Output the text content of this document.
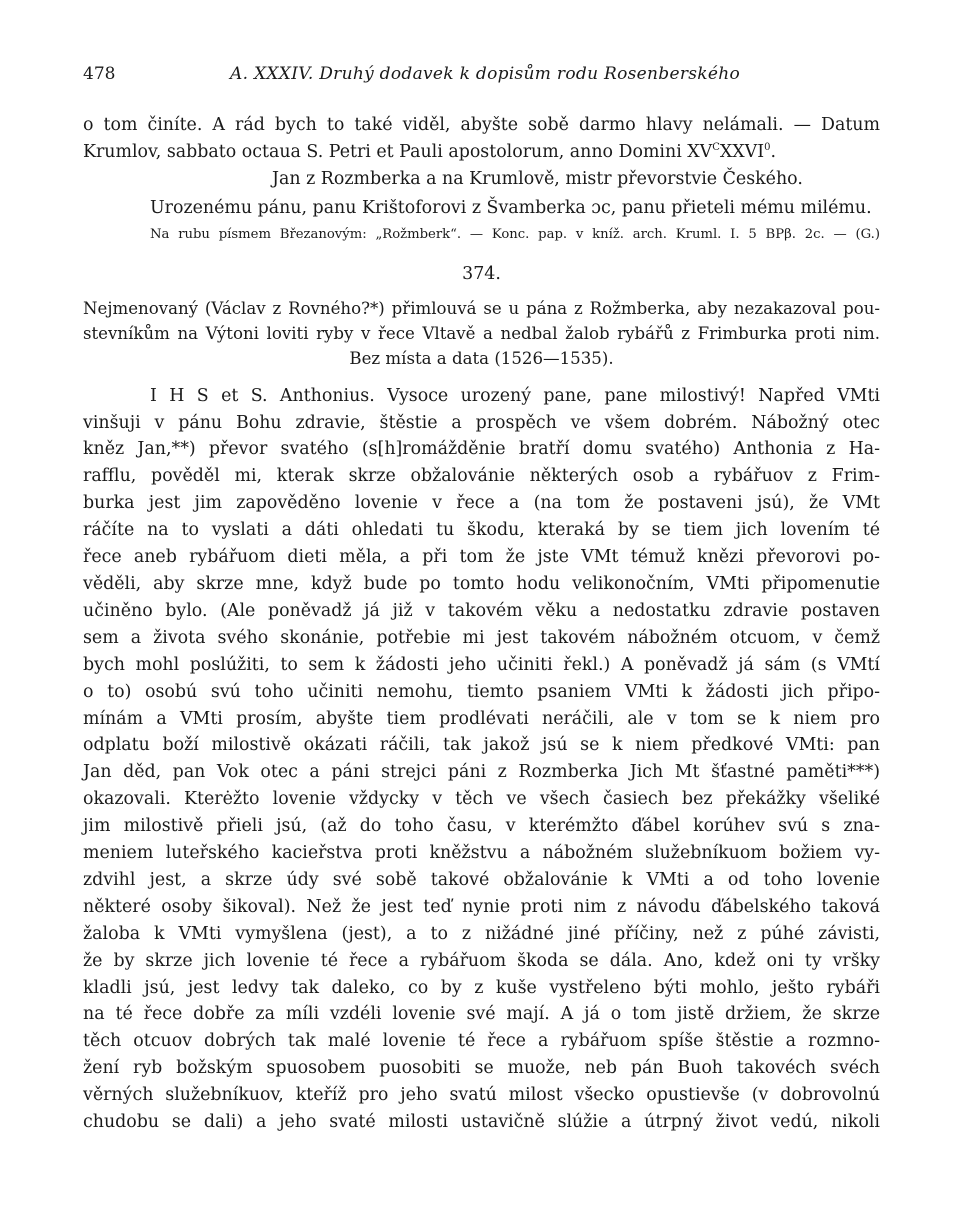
478	A. XXXIV. Druhý dodavek k dopisům rodu Rosenberského

o tom činíte. A rád bych to také viděl, abyšte sobě darmo hlavy nelámali. — Datum
Krumlov, sabbato octaua S. Petri et Pauli apostolorum, anno Domini $XV^CXXVI^0$.

Jan z Rozmberka a na Krumlově, mistr převorstvie Českého.

Urozenému pánu, panu Krištoforovi z Švamberka ɔc, panu přieteli mému milému.

Na rubu písmem Březanovým: „Rožmberk“. — Konc. pap. v kníž. arch. Kruml. I. 5 BPβ. 2c. — (G.)

374.
Nejmenovaný (Václav z Rovného?*) přimlouvá se u pána z Rožmberka, aby nezakazoval pou-
stevníkům na Výtoni loviti ryby v řece Vltavě a nedbal žalob rybářů z Frimburka proti nim.
Bez místa a data (1526—1535).
I H S et S. Anthonius. Vysoce urozený pane, pane milostivý! Napřed VMti
vinšuji v pánu Bohu zdravie, štěstie a prospěch ve všem dobrém. Nábožný otec
kněz Jan,**) převor svatého (s[h]romážděnie bratří domu svatého) Anthonia z Ha-
rafflu, pověděl mi, kterak skrze obžalovánie některých osob a rybářuov z Frim-
burka jest jim zapověděno lovenie v řece a (na tom že postaveni jsú), že VMt
ráčíte na to vyslati a dáti ohledati tu škodu, kteraká by se tiem jich lovením té
řece aneb rybářuom dieti měla, a při tom že jste VMt témuž knězi převorovi po-
věděli, aby skrze mne, když bude po tomto hodu velikonočním, VMti připomenutie
učiněno bylo. (Ale poněvadž já již v takovém věku a nedostatku zdravie postaven
sem a života svého skonánie, potřebie mi jest takovém nábožném otcuom, v čemž
bych mohl poslúžiti, to sem k žádosti jeho učiniti řekl.) A poněvadž já sám (s VMtí
o to) osobú svú toho učiniti nemohu, tiemto psaniem VMti k žádosti jich připo-
mínám a VMti prosím, abyšte tiem prodlévati neráčili, ale v tom se k niem pro
odplatu boží milostivě okázati ráčili, tak jakož jsú se k niem předkové VMti: pan
Jan děd, pan Vok otec a páni strejci páni z Rozmberka Jich Mt šťastné paměti***)
okazovali. Kterėžto lovenie vždycky v těch ve všech časiech bez překážky všeliké
jim milostivě přieli jsú, (až do toho času, v kterémžto ďábel korúhev svú s zna-
meniem luteřského kacieřstva proti kněžstvu a nábožném služebníkuom božiem vy-
zdvihl jest, a skrze údy své sobě takové obžalovánie k VMti a od toho lovenie
některé osoby šikoval). Než že jest teď nynie proti nim z návodu ďábelského taková
žaloba k VMti vymyšlena (jest), a to z nižádné jiné příčiny, než z púhé závisti,
že by skrze jich lovenie té řece a rybářuom škoda se dála. Ano, kdež oni ty vršky
kladli jsú, jest ledvy tak daleko, co by z kuše vystřeleno býti mohlo, ješto rybáři
na té řece dobře za míli vzdéli lovenie své mají. A já o tom jistě držiem, že skrze
těch otcuov dobrých tak malé lovenie té řece a rybářuom spíše štěstie a rozmno-
žení ryb božským spuosobem puosobiti se muože, neb pán Buoh takovéch svéch
věrných služebníkuov, kteříž pro jeho svatú milost všecko opustievše (v dobrovolnú
chudobu se dali) a jeho svaté milosti ustavičně slúžie a útrpný život vedú, nikoli
